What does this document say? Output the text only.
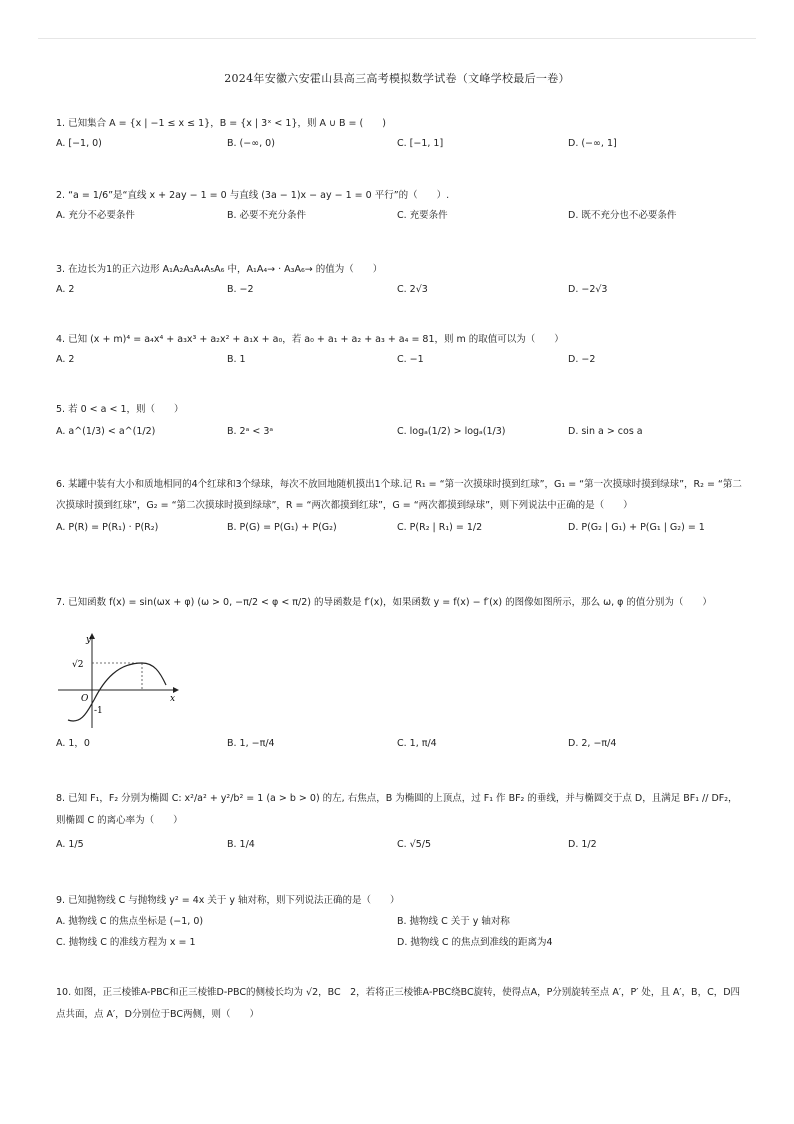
2024年安徽六安霍山县高三高考模拟数学试卷（文峰学校最后一卷）
1. 已知集合 A = {x | −1 ≤ x ≤ 1}，B = {x | 3ˣ < 1}，则 A ∪ B = (　　)
A. [−1, 0)	B. (−∞, 0)	C. [−1, 1]	D. (−∞, 1]
2. “a = 1/6”是“直线 x + 2ay − 1 = 0 与直线 (3a − 1)x − ay − 1 = 0 平行”的（　　）.
A. 充分不必要条件	B. 必要不充分条件	C. 充要条件	D. 既不充分也不必要条件
3. 在边长为1的正六边形 A₁A₂A₃A₄A₅A₆ 中，A₁A₄→ · A₃A₆→ 的值为（　　）
A. 2	B. −2	C. 2√3	D. −2√3
4. 已知 (x + m)⁴ = a₄x⁴ + a₃x³ + a₂x² + a₁x + a₀，若 a₀ + a₁ + a₂ + a₃ + a₄ = 81，则 m 的取值可以为（　　）
A. 2	B. 1	C. −1	D. −2
5. 若 0 < a < 1，则（　　）
A. a^(1/3) < a^(1/2)	B. 2ᵃ < 3ᵃ	C. logₐ(1/2) > logₐ(1/3)	D. sin a > cos a
6. 某罐中装有大小和质地相同的4个红球和3个绿球，每次不放回地随机摸出1个球.记 R₁ = “第一次摸球时摸到红球”，G₁ = “第一次摸球时摸到绿球”，R₂ = “第二次摸球时摸到红球”，G₂ = “第二次摸球时摸到绿球”，R = “两次都摸到红球”，G = “两次都摸到绿球”，则下列说法中正确的是（　　）
A. P(R) = P(R₁) · P(R₂)	B. P(G) = P(G₁) + P(G₂)	C. P(R₂ | R₁) = 1/2	D. P(G₂ | G₁) + P(G₁ | G₂) = 1
7. 已知函数 f(x) = sin(ωx + φ) (ω > 0, −π/2 < φ < π/2) 的导函数是 f′(x)，如果函数 y = f(x) − f′(x) 的图像如图所示，那么 ω, φ 的值分别为（　　）
y
x
O
√2
-1
A. 1，0	B. 1, −π/4	C. 1, π/4	D. 2, −π/4
8. 已知 F₁，F₂ 分别为椭圆 C: x²/a² + y²/b² = 1 (a > b > 0) 的左, 右焦点，B 为椭圆的上顶点，过 F₁ 作 BF₂ 的垂线，并与椭圆交于点 D，且满足 BF₁ // DF₂，则椭圆 C 的离心率为（　　）
A. 1/5	B. 1/4	C. √5/5	D. 1/2
9. 已知抛物线 C 与抛物线 y² = 4x 关于 y 轴对称，则下列说法正确的是（　　）
A. 抛物线 C 的焦点坐标是 (−1, 0)	B. 抛物线 C 关于 y 轴对称
C. 抛物线 C 的准线方程为 x = 1	D. 抛物线 C 的焦点到准线的距离为4
10. 如图，正三棱锥A-PBC和正三棱锥D-PBC的侧棱长均为 √2，BC　2，若将正三棱锥A-PBC绕BC旋转，使得点A，P分别旋转至点 A′，P′ 处，且 A′，B，C，D四点共面，点 A′，D分别位于BC两侧，则（　　）
